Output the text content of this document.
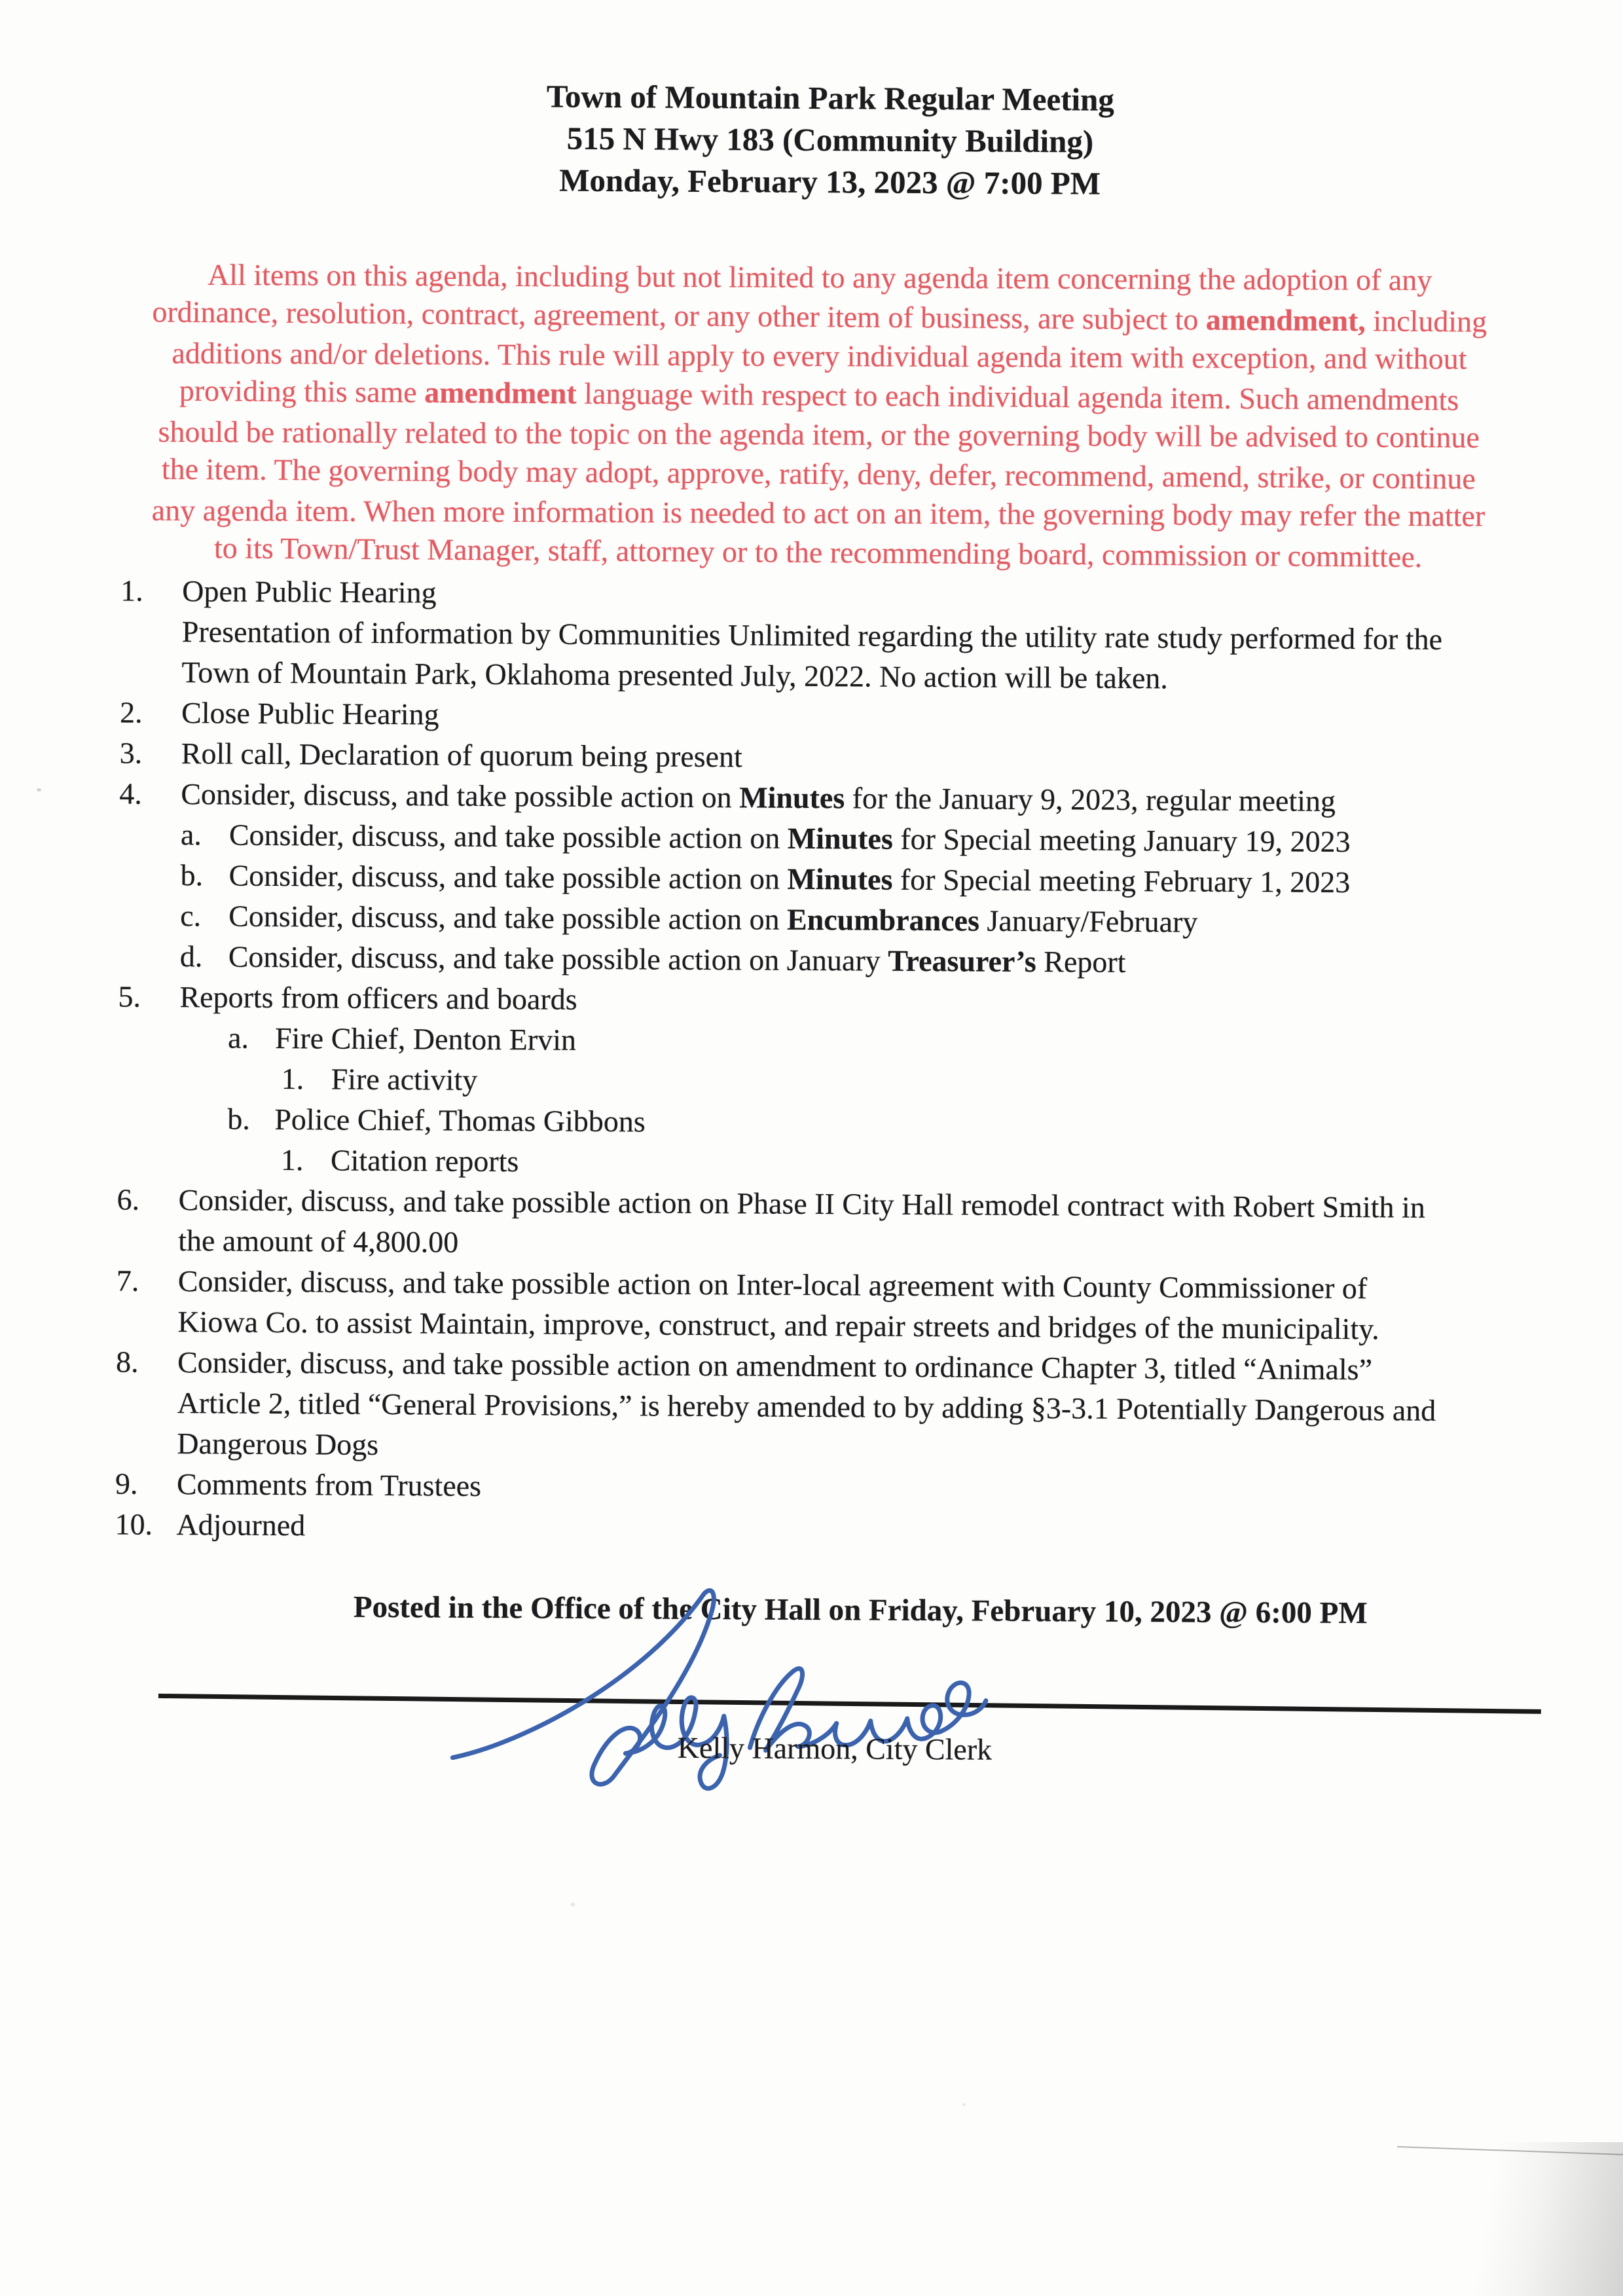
Town of Mountain Park Regular Meeting
515 N Hwy 183 (Community Building)
Monday, February 13, 2023 @ 7:00 PM
All items on this agenda, including but not limited to any agenda item concerning the adoption of any
ordinance, resolution, contract, agreement, or any other item of business, are subject to amendment, including
additions and/or deletions. This rule will apply to every individual agenda item with exception, and without
providing this same amendment language with respect to each individual agenda item. Such amendments
should be rationally related to the topic on the agenda item, or the governing body will be advised to continue
the item. The governing body may adopt, approve, ratify, deny, defer, recommend, amend, strike, or continue
any agenda item. When more information is needed to act on an item, the governing body may refer the matter
to its Town/Trust Manager, staff, attorney or to the recommending board, commission or committee.
1. Open Public Hearing
Presentation of information by Communities Unlimited regarding the utility rate study performed for the
Town of Mountain Park, Oklahoma presented July, 2022. No action will be taken.
2. Close Public Hearing
3. Roll call, Declaration of quorum being present
4. Consider, discuss, and take possible action on Minutes for the January 9, 2023, regular meeting
a. Consider, discuss, and take possible action on Minutes for Special meeting January 19, 2023
b. Consider, discuss, and take possible action on Minutes for Special meeting February 1, 2023
c. Consider, discuss, and take possible action on Encumbrances January/February
d. Consider, discuss, and take possible action on January Treasurer’s Report
5. Reports from officers and boards
a. Fire Chief, Denton Ervin
1. Fire activity
b. Police Chief, Thomas Gibbons
1. Citation reports
6. Consider, discuss, and take possible action on Phase II City Hall remodel contract with Robert Smith in
the amount of 4,800.00
7. Consider, discuss, and take possible action on Inter-local agreement with County Commissioner of
Kiowa Co. to assist Maintain, improve, construct, and repair streets and bridges of the municipality.
8. Consider, discuss, and take possible action on amendment to ordinance Chapter 3, titled “Animals”
Article 2, titled “General Provisions,” is hereby amended to by adding §3-3.1 Potentially Dangerous and
Dangerous Dogs
9. Comments from Trustees
10. Adjourned
Posted in the Office of the City Hall on Friday, February 10, 2023 @ 6:00 PM
Kelly Harmon, City Clerk
